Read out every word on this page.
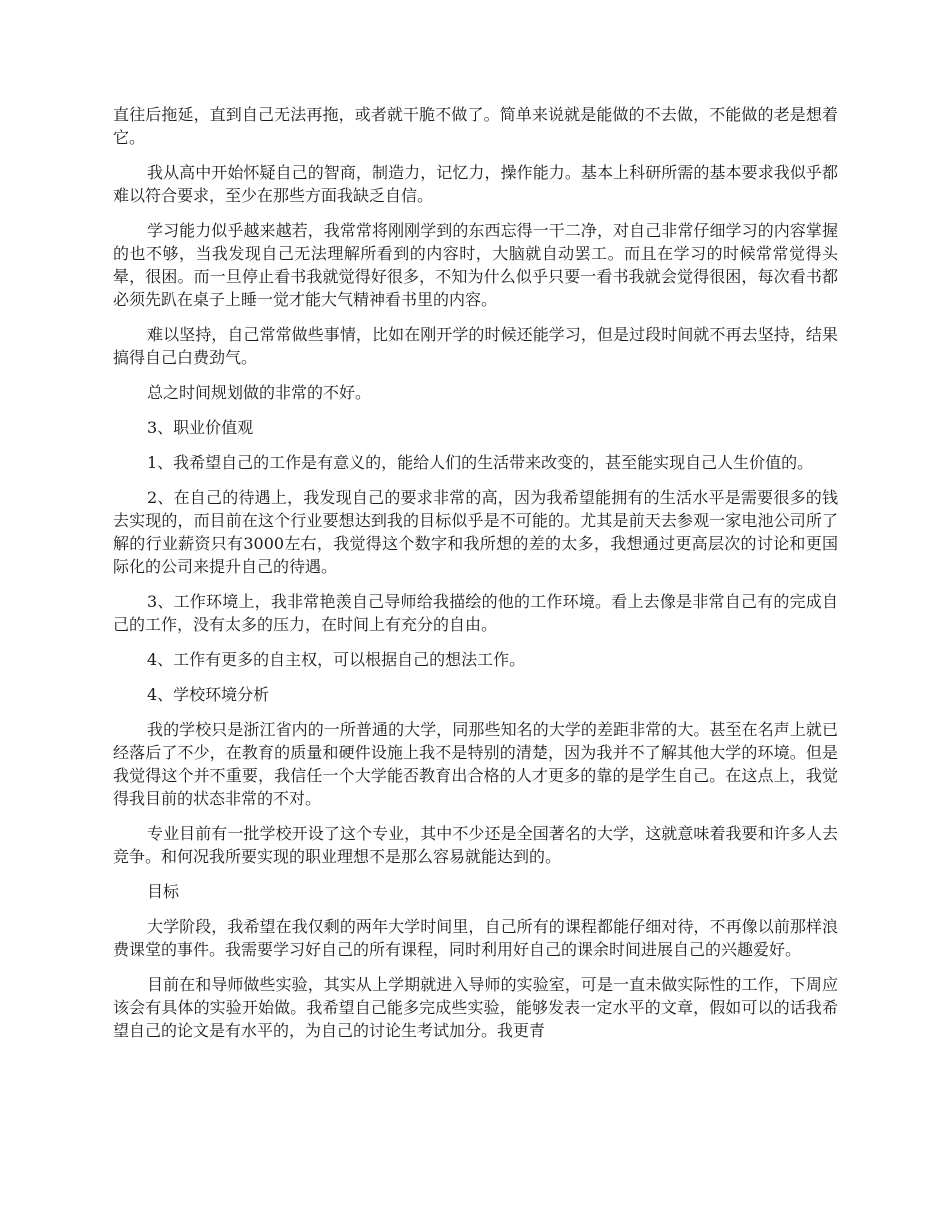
直往后拖延，直到自己无法再拖，或者就干脆不做了。简单来说就是能做的不去做，不能做的老是想着它。

我从高中开始怀疑自己的智商，制造力，记忆力，操作能力。基本上科研所需的基本要求我似乎都难以符合要求，至少在那些方面我缺乏自信。

学习能力似乎越来越若，我常常将刚刚学到的东西忘得一干二净，对自己非常仔细学习的内容掌握的也不够，当我发现自己无法理解所看到的内容时，大脑就自动罢工。而且在学习的时候常常觉得头晕，很困。而一旦停止看书我就觉得好很多，不知为什么似乎只要一看书我就会觉得很困，每次看书都必须先趴在桌子上睡一觉才能大气精神看书里的内容。

难以坚持，自己常常做些事情，比如在刚开学的时候还能学习，但是过段时间就不再去坚持，结果搞得自己白费劲气。

总之时间规划做的非常的不好。

3、职业价值观

1、我希望自己的工作是有意义的，能给人们的生活带来改变的，甚至能实现自己人生价值的。

2、在自己的待遇上，我发现自己的要求非常的高，因为我希望能拥有的生活水平是需要很多的钱去实现的，而目前在这个行业要想达到我的目标似乎是不可能的。尤其是前天去参观一家电池公司所了解的行业薪资只有3000左右，我觉得这个数字和我所想的差的太多，我想通过更高层次的讨论和更国际化的公司来提升自己的待遇。

3、工作环境上，我非常艳羡自己导师给我描绘的他的工作环境。看上去像是非常自己有的完成自己的工作，没有太多的压力，在时间上有充分的自由。

4、工作有更多的自主权，可以根据自己的想法工作。

4、学校环境分析

我的学校只是浙江省内的一所普通的大学，同那些知名的大学的差距非常的大。甚至在名声上就已经落后了不少，在教育的质量和硬件设施上我不是特别的清楚，因为我并不了解其他大学的环境。但是我觉得这个并不重要，我信任一个大学能否教育出合格的人才更多的靠的是学生自己。在这点上，我觉得我目前的状态非常的不对。

专业目前有一批学校开设了这个专业，其中不少还是全国著名的大学，这就意味着我要和许多人去竞争。和何况我所要实现的职业理想不是那么容易就能达到的。

目标

大学阶段，我希望在我仅剩的两年大学时间里，自己所有的课程都能仔细对待，不再像以前那样浪费课堂的事件。我需要学习好自己的所有课程，同时利用好自己的课余时间进展自己的兴趣爱好。

目前在和导师做些实验，其实从上学期就进入导师的实验室，可是一直未做实际性的工作，下周应该会有具体的实验开始做。我希望自己能多完成些实验，能够发表一定水平的文章，假如可以的话我希望自己的论文是有水平的，为自己的讨论生考试加分。我更青
